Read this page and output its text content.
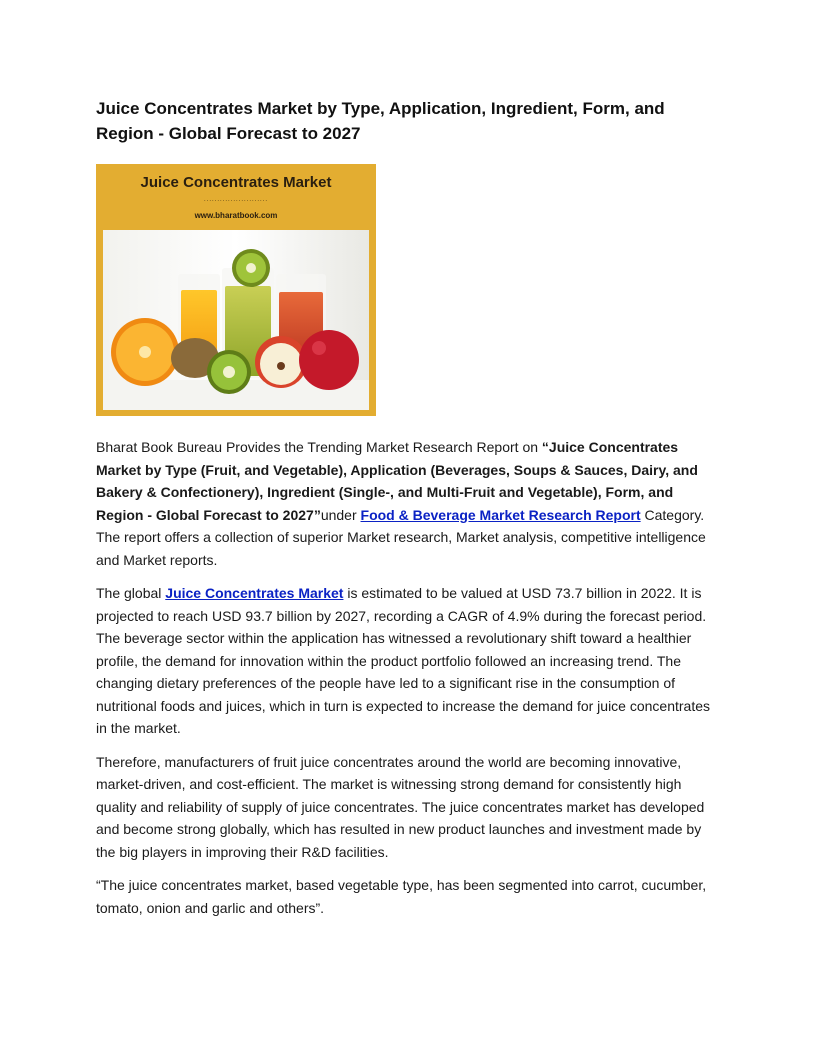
Juice Concentrates Market by Type, Application, Ingredient, Form, and Region - Global Forecast to 2027
Juice Concentrates Market
........................
www.bharatbook.com

Bharat Book Bureau Provides the Trending Market Research Report on “Juice Concentrates Market by Type (Fruit, and Vegetable), Application (Beverages, Soups & Sauces, Dairy, and Bakery & Confectionery), Ingredient (Single-, and Multi-Fruit and Vegetable), Form, and Region - Global Forecast to 2027”under Food & Beverage Market Research Report Category. The report offers a collection of superior Market research, Market analysis, competitive intelligence and Market reports.

The global Juice Concentrates Market is estimated to be valued at USD 73.7 billion in 2022. It is projected to reach USD 93.7 billion by 2027, recording a CAGR of 4.9% during the forecast period. The beverage sector within the application has witnessed a revolutionary shift toward a healthier profile, the demand for innovation within the product portfolio followed an increasing trend. The changing dietary preferences of the people have led to a significant rise in the consumption of nutritional foods and juices, which in turn is expected to increase the demand for juice concentrates in the market.

Therefore, manufacturers of fruit juice concentrates around the world are becoming innovative, market-driven, and cost-efficient. The market is witnessing strong demand for consistently high quality and reliability of supply of juice concentrates. The juice concentrates market has developed and become strong globally, which has resulted in new product launches and investment made by the big players in improving their R&D facilities.

“The juice concentrates market, based vegetable type, has been segmented into carrot, cucumber, tomato, onion and garlic and others”.
